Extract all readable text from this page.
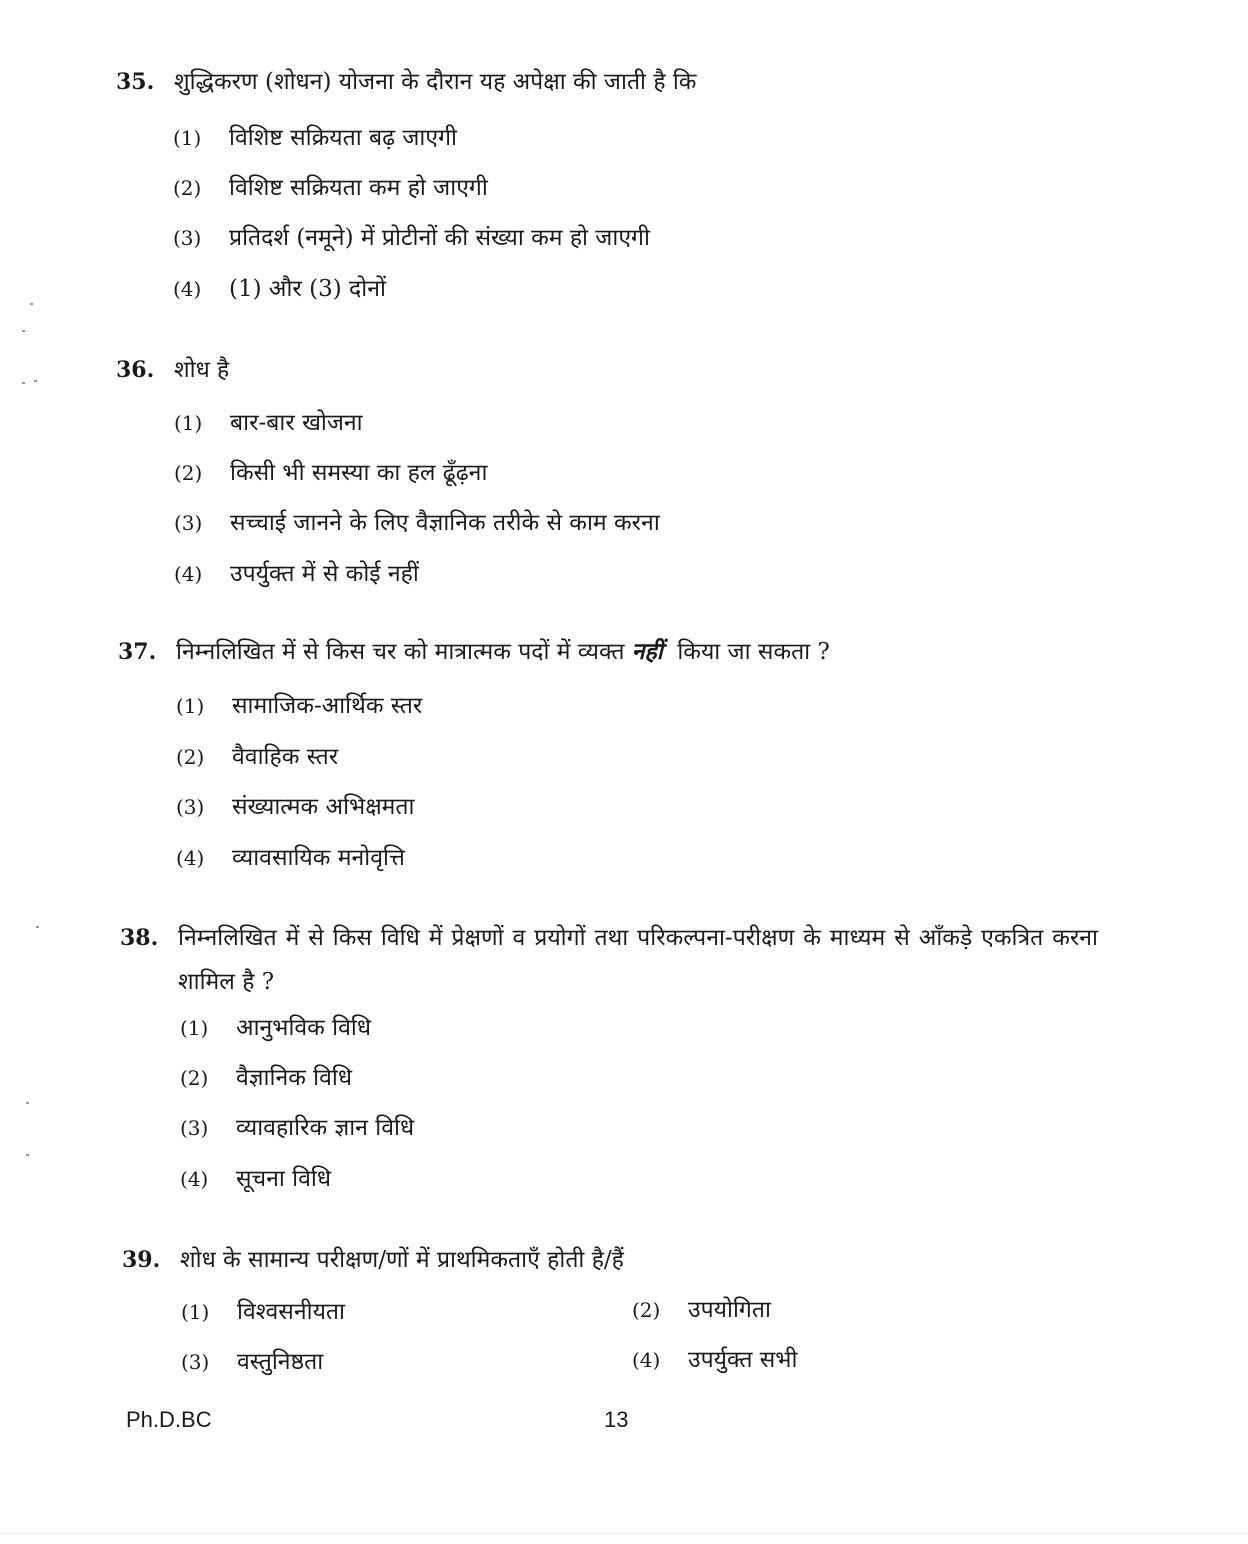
35. शुद्धिकरण (शोधन) योजना के दौरान यह अपेक्षा की जाती है कि
(1) विशिष्ट सक्रियता बढ़ जाएगी
(2) विशिष्ट सक्रियता कम हो जाएगी
(3) प्रतिदर्श (नमूने) में प्रोटीनों की संख्या कम हो जाएगी
(4) (1) और (3) दोनों
36. शोध है
(1) बार-बार खोजना
(2) किसी भी समस्या का हल ढूँढ़ना
(3) सच्चाई जानने के लिए वैज्ञानिक तरीके से काम करना
(4) उपर्युक्त में से कोई नहीं
37. निम्नलिखित में से किस चर को मात्रात्मक पदों में व्यक्त नहीं किया जा सकता ?
(1) सामाजिक-आर्थिक स्तर
(2) वैवाहिक स्तर
(3) संख्यात्मक अभिक्षमता
(4) व्यावसायिक मनोवृत्ति
38. निम्नलिखित में से किस विधि में प्रेक्षणों व प्रयोगों तथा परिकल्पना-परीक्षण के माध्यम से आँकड़े एकत्रित करना शामिल है ?
(1) आनुभविक विधि
(2) वैज्ञानिक विधि
(3) व्यावहारिक ज्ञान विधि
(4) सूचना विधि
39. शोध के सामान्य परीक्षण/णों में प्राथमिकताएँ होती है/हैं
(1) विश्वसनीयता	(2) उपयोगिता
(3) वस्तुनिष्ठता	(4) उपर्युक्त सभी
Ph.D.BC	13
